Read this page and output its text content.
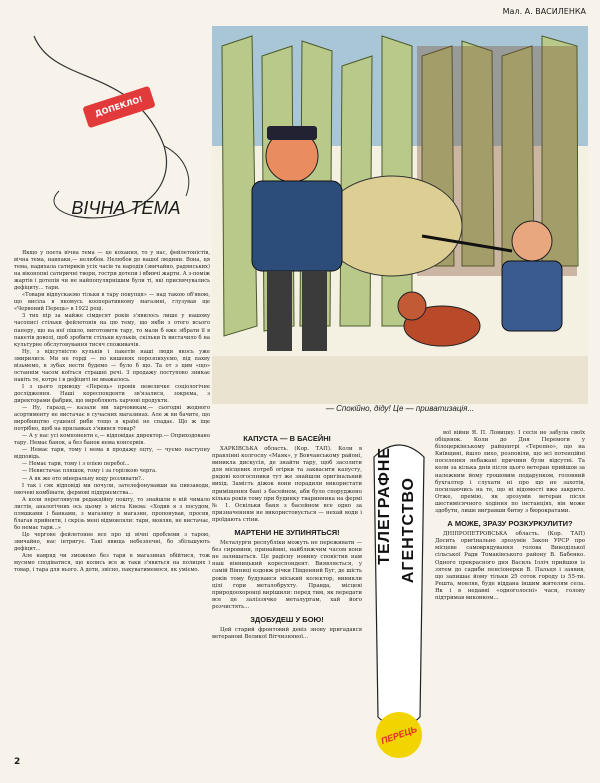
Мал. А. ВАСИЛЕНКА
ДОПЕКЛО!
ВІЧНА ТЕМА

Якщо у поета вічна тема — це кохання, то у нас, фейлетоністів, вічна тема, навпаки,— нелюбов. Нелюбов до нашої людини. Вона, ця тема, надихала сатириків усіх часів та народів (звичайно, радянських) на віконопні сатиричні твори, гостри дотепи і вбивчі жарти. А з-поміж жартів і дотепів чи не найпопулярнішим були ті, які присвячувались дефіциту... тари.

«Товари відпускаємо тільки в тару покупця» — над такою об'явою, що висіла в якомусь кооперативному магазині, глузував ще «Червоний Перець» в 1922 році.

З тих пір за майже сімдесят років з'явилось лише у нашому часописі стільки фейлетонів на цю тему, що якби з отого всього паперу, що на неї пішло, виготовити тару, то мали б вже зібрати її в пакетів доволі, щоб зробити стільки кульків, скільки їх вистачило б на культурне обслуговування тисяч споживачів.

Ну, з відсутністю кульків і пакетів наші люди якось уже змирилися. Ми не горді — по кишенях порозпихуємо, під пахву візьмемо, в зубах нести будемо — було б що. Та от з цим «що» останнім часом коїться страшні речі. З продажу поступово зникає навіть те, котре і в дефіциті не вважалось.

І з цього приводу «Перець» провів невеличке соціологічне дослідження. Наші кореспонденти зв'язалися, зокрема, з директорами фабрик, що виробляють харчові продукти.

— Ну, гаразд,— казали ми харчовикам,— сьогодні жодного асортименту не вистачає в сучасних магазинах. Але ж ви бачите, що виробництво сушеної риби тощо в країні не спадає. Що ж іще потрібно, щоб на прилавках з'явився товар?

— А у нас усі компоненти є,— відповідає директор.— Оприходовано тару. Немає банок, а без банок нема консервів.

— Немає тари, тому і нема в продажу оцту, — чуємо наступну відповідь.

— Немає тари, тому і з олією перебої...

— Невистачає пляшок, тому і за горілкою черга.

— А як же ото мінеральну воду розливати?..

І так і сяк відповіді ми почули, зателефонувавши на пивзаводи, овочеві комбінати, фермові підприємства...

А коли переглянули редакційну пошту, то знайшли в ній чимало листів, аналогічних ось цьому з міста Києва: «Ходив я з посудом, пляшками і банками, з магазину в магазин, пропонував, просив, благав прийняти, і скрізь мені відмовляли: тари, мовляв, не вистачає, бо немає тари...»

Це чергове фейлетонне все про ці вічні проблеми з тарою, звичайно, нас інтригує. Такі явища небезпечні, бо збільшують дефіцит...

Але навряд чи зможемо без тари в магазинах обійтися, тож мусимо сподіватися, що колись все ж таки з'явиться на полицях і товар, і тара для нього. А доти, звісно, пакуватимемося, як уміємо.

2
— Спокійно, діду! Це — приватизація...
КАПУСТА — В БАСЕЙНІ

ХАРКІВСЬКА область. (Кор. ТАП). Коли в правлінні колгоспу «Маяк», у Вовчанському районі, виникла дискусія, де знайти тару, щоб засолити для місцевих потреб огірки та заквасити капусту, рядові колгоспники тут же знайшли оригінальний вихід. Замість діжок вони порадили використати приміщення бані з басейном, аби було споруджено кілька років тому при будинку тваринника на фермі № 1. Оскільки баня з басейном все одно за призначенням не використовується — нехай води і проїдають стіни.

МАРТЕНИ НЕ ЗУПИНЯТЬСЯ!

Металурги республіки можуть не переживати — без сировини, принаймні, найближчим часом вони не залишаться. Це радісну новину сповістив нам наш вінницький кореспондент. Виявляється, у самій Вінниці вздовж річки Південний Буг, де шість років тому будувався міський колектор, виникли цілі гори металобрухту. Правда, місцеві природоохоронці вирішили: перед тим, як передати все це заліззячко металургам, хай його розчистять...

ЗДОБУДЕШ У БОЮ!

Цей старий фронтовий девіз знову пригадався ветеранові Великої Вітчизняної...

ТЕЛЕГРАФНЕ АГЕНТСТВО
ПЕРЕЦЬ

вої війни Я. П. Ловицку. І сесія не забула своїх обіцянок. Коли до Дня Перемоги у білоцерківському райцентрі «Терепно», що на Київщині, йшло лихо, розповіли, що всі потенційні поселення небажані причини були відсутні. Та коли за кілька днів після цього ветеран прийшов за належним йому грошовим подарунком, головний бухгалтер і слухати ні про що не захотів, посилаючись на те, що ні відомості вже закрито. Отже, премію, як зрозумів ветеран після шестимісячного ходіння по інстанціях, він може здобути, лише вигравши битву з бюрократами.

А МОЖЕ, ЗРАЗУ РОЗКУРКУЛИТИ?

ДНІПРОПЕТРОВСЬКА область. (Кор. ТАП) Досить оригінально зрозумів Закон УРСР про місцеве самоврядування голова Виноділької сільської Ради Томаківського району В. Бабенко. Одного прекрасного дня Василь Ілліч прийшов із зятем до садиби пенсіонерки В. Пальця і заявив, що запишає йому тільки 25 соток городу із 55-ти. Решта, мовляв, буде віддана іншим жителям села. Як і в недавні «одноголосні» часи, голову підтримав виконком...
